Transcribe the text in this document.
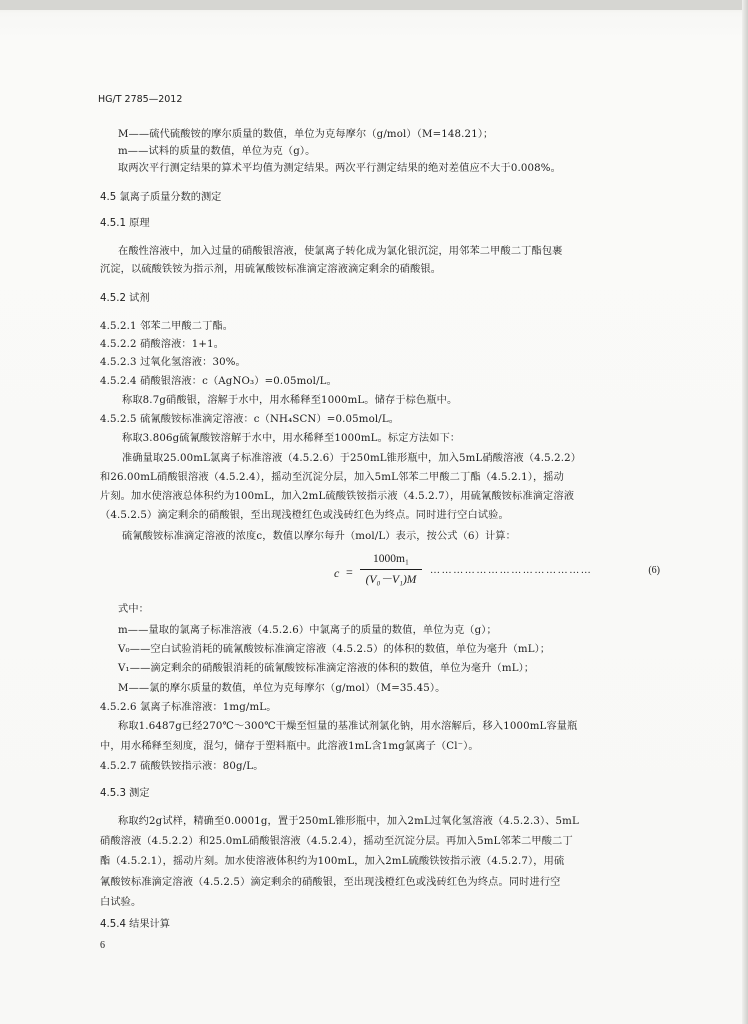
HG/T 2785—2012
M——硫代硫酸铵的摩尔质量的数值，单位为克每摩尔（g/mol）（M=148.21）；
m——试料的质量的数值，单位为克（g）。
取两次平行测定结果的算术平均值为测定结果。两次平行测定结果的绝对差值应不大于0.008%。
4.5 氯离子质量分数的测定
4.5.1 原理
在酸性溶液中，加入过量的硝酸银溶液，使氯离子转化成为氯化银沉淀，用邻苯二甲酸二丁酯包裹
沉淀，以硫酸铁铵为指示剂，用硫氰酸铵标准滴定溶液滴定剩余的硝酸银。
4.5.2 试剂
4.5.2.1 邻苯二甲酸二丁酯。
4.5.2.2 硝酸溶液：1+1。
4.5.2.3 过氧化氢溶液：30%。
4.5.2.4 硝酸银溶液：c（AgNO₃）=0.05mol/L。
称取8.7g硝酸银，溶解于水中，用水稀释至1000mL。储存于棕色瓶中。
4.5.2.5 硫氰酸铵标准滴定溶液：c（NH₄SCN）=0.05mol/L。
称取3.806g硫氰酸铵溶解于水中，用水稀释至1000mL。标定方法如下：
准确量取25.00mL氯离子标准溶液（4.5.2.6）于250mL锥形瓶中，加入5mL硝酸溶液（4.5.2.2）
和26.00mL硝酸银溶液（4.5.2.4），摇动至沉淀分层，加入5mL邻苯二甲酸二丁酯（4.5.2.1），摇动
片刻。加水使溶液总体积约为100mL，加入2mL硫酸铁铵指示液（4.5.2.7），用硫氰酸铵标准滴定溶液
（4.5.2.5）滴定剩余的硝酸银，至出现浅橙红色或浅砖红色为终点。同时进行空白试验。
硫氰酸铵标准滴定溶液的浓度c，数值以摩尔每升（mol/L）表示，按公式（6）计算：
c =
1000m₁
(V₀－V₁)M
……………………………………	(6)
式中：
m——量取的氯离子标准溶液（4.5.2.6）中氯离子的质量的数值，单位为克（g）；
V₀——空白试验消耗的硫氰酸铵标准滴定溶液（4.5.2.5）的体积的数值，单位为毫升（mL）；
V₁——滴定剩余的硝酸银消耗的硫氰酸铵标准滴定溶液的体积的数值，单位为毫升（mL）；
M——氯的摩尔质量的数值，单位为克每摩尔（g/mol）（M=35.45）。
4.5.2.6 氯离子标准溶液：1mg/mL。
称取1.6487g已经270℃～300℃干燥至恒量的基准试剂氯化钠，用水溶解后，移入1000mL容量瓶
中，用水稀释至刻度，混匀，储存于塑料瓶中。此溶液1mL含1mg氯离子（Cl⁻）。
4.5.2.7 硫酸铁铵指示液：80g/L。
4.5.3 测定
称取约2g试样，精确至0.0001g，置于250mL锥形瓶中，加入2mL过氧化氢溶液（4.5.2.3）、5mL
硝酸溶液（4.5.2.2）和25.0mL硝酸银溶液（4.5.2.4），摇动至沉淀分层。再加入5mL邻苯二甲酸二丁
酯（4.5.2.1），摇动片刻。加水使溶液体积约为100mL，加入2mL硫酸铁铵指示液（4.5.2.7），用硫
氰酸铵标准滴定溶液（4.5.2.5）滴定剩余的硝酸银，至出现浅橙红色或浅砖红色为终点。同时进行空
白试验。
4.5.4 结果计算
6
